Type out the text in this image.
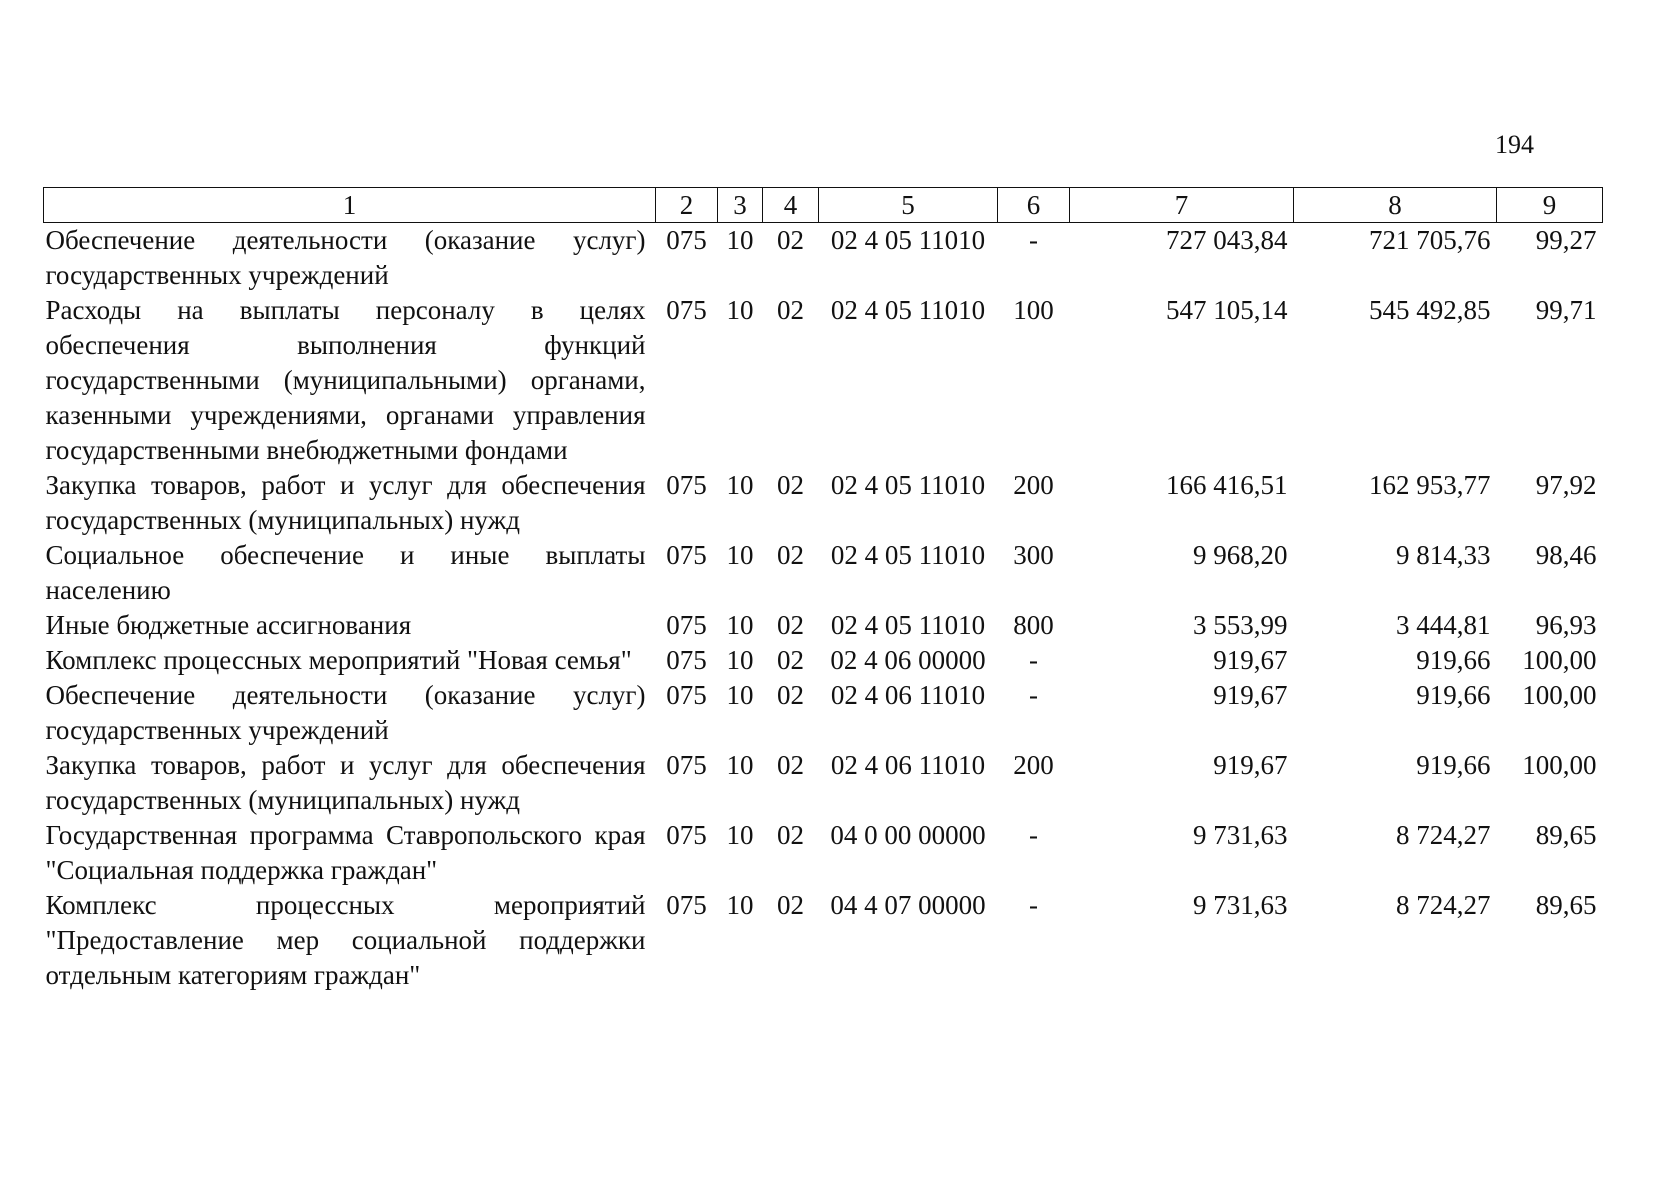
194
1	2	3	4	5	6	7	8	9
Обеспечение деятельности (оказание услуг) государственных учреждений	075	10	02	02 4 05 11010	-	727 043,84	721 705,76	99,27
Расходы на выплаты персоналу в целях обеспечения выполнения функций государственными (муниципальными) органами, казенными учреждениями, органами управления государственными внебюджетными фондами	075	10	02	02 4 05 11010	100	547 105,14	545 492,85	99,71
Закупка товаров, работ и услуг для обеспечения государственных (муниципальных) нужд	075	10	02	02 4 05 11010	200	166 416,51	162 953,77	97,92
Социальное обеспечение и иные выплаты населению	075	10	02	02 4 05 11010	300	9 968,20	9 814,33	98,46
Иные бюджетные ассигнования	075	10	02	02 4 05 11010	800	3 553,99	3 444,81	96,93
Комплекс процессных мероприятий "Новая семья"	075	10	02	02 4 06 00000	-	919,67	919,66	100,00
Обеспечение деятельности (оказание услуг) государственных учреждений	075	10	02	02 4 06 11010	-	919,67	919,66	100,00
Закупка товаров, работ и услуг для обеспечения государственных (муниципальных) нужд	075	10	02	02 4 06 11010	200	919,67	919,66	100,00
Государственная программа Ставропольского края "Социальная поддержка граждан"	075	10	02	04 0 00 00000	-	9 731,63	8 724,27	89,65
Комплекс процессных мероприятий "Предоставление мер социальной поддержки отдельным категориям граждан"	075	10	02	04 4 07 00000	-	9 731,63	8 724,27	89,65
